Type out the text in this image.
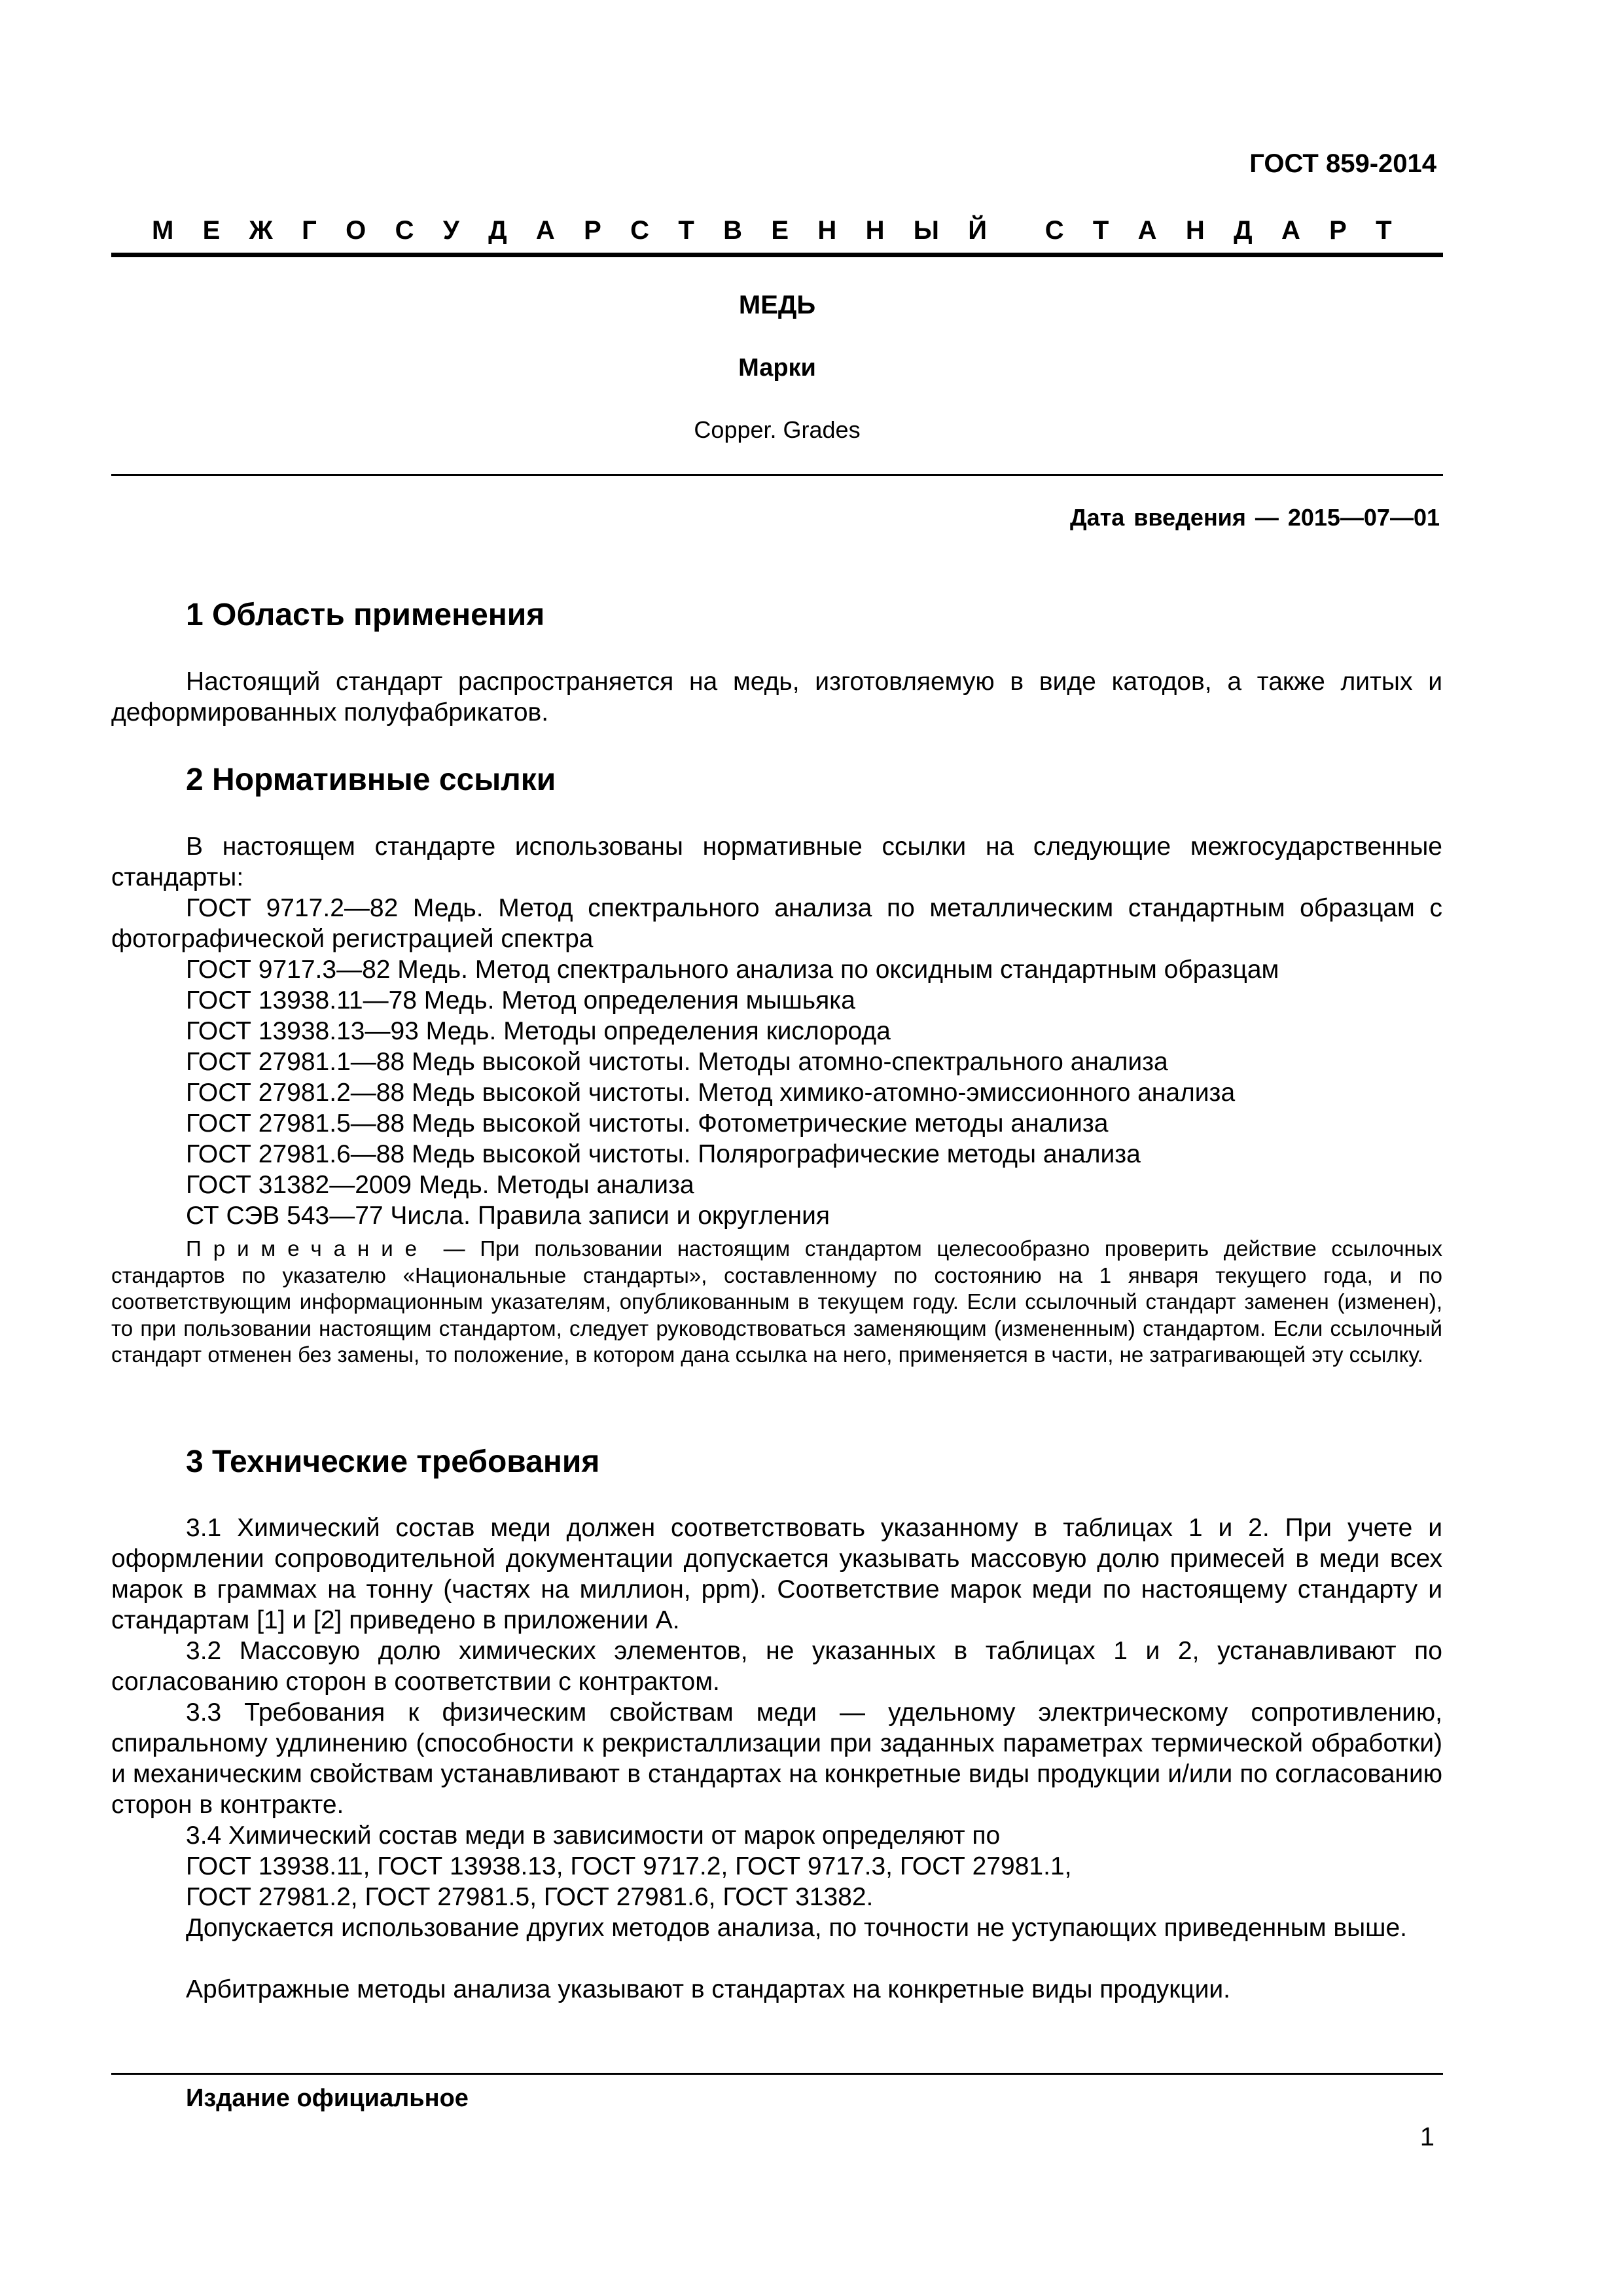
ГОСТ 859-2014
М Е Ж Г О С У Д А Р С Т В Е Н Н Ы Й С Т А Н Д А Р Т
МЕДЬ
Марки
Copper. Grades
Дата введения — 2015—07—01
1 Область применения
Настоящий стандарт распространяется на медь, изготовляемую в виде катодов, а также литых и деформированных полуфабрикатов.
2 Нормативные ссылки
В настоящем стандарте использованы нормативные ссылки на следующие межгосударственные стандарты:
ГОСТ 9717.2—82 Медь. Метод спектрального анализа по металлическим стандартным образцам с фотографической регистрацией спектра
ГОСТ 9717.3—82 Медь. Метод спектрального анализа по оксидным стандартным образцам
ГОСТ 13938.11—78 Медь. Метод определения мышьяка
ГОСТ 13938.13—93 Медь. Методы определения кислорода
ГОСТ 27981.1—88 Медь высокой чистоты. Методы атомно-спектрального анализа
ГОСТ 27981.2—88 Медь высокой чистоты. Метод химико-атомно-эмиссионного анализа
ГОСТ 27981.5—88 Медь высокой чистоты. Фотометрические методы анализа
ГОСТ 27981.6—88 Медь высокой чистоты. Полярографические методы анализа
ГОСТ 31382—2009 Медь. Методы анализа
СТ СЭВ 543—77 Числа. Правила записи и округления
Примечание — При пользовании настоящим стандартом целесообразно проверить действие ссылочных стандартов по указателю «Национальные стандарты», составленному по состоянию на 1 января текущего года, и по соответствующим информационным указателям, опубликованным в текущем году. Если ссылочный стандарт заменен (изменен), то при пользовании настоящим стандартом, следует руководствоваться заменяющим (измененным) стандартом. Если ссылочный стандарт отменен без замены, то положение, в котором дана ссылка на него, применяется в части, не затрагивающей эту ссылку.
3 Технические требования
3.1 Химический состав меди должен соответствовать указанному в таблицах 1 и 2. При учете и оформлении сопроводительной документации допускается указывать массовую долю примесей в меди всех марок в граммах на тонну (частях на миллион, ppm). Соответствие марок меди по настоящему стандарту и стандартам [1] и [2] приведено в приложении А.
3.2 Массовую долю химических элементов, не указанных в таблицах 1 и 2, устанавливают по согласованию сторон в соответствии с контрактом.
3.3 Требования к физическим свойствам меди — удельному электрическому сопротивлению, спиральному удлинению (способности к рекристаллизации при заданных параметрах термической обработки) и механическим свойствам устанавливают в стандартах на конкретные виды продукции и/или по согласованию сторон в контракте.
3.4 Химический состав меди в зависимости от марок определяют по
ГОСТ 13938.11, ГОСТ 13938.13, ГОСТ 9717.2, ГОСТ 9717.3, ГОСТ 27981.1,
ГОСТ 27981.2, ГОСТ 27981.5, ГОСТ 27981.6, ГОСТ 31382.
Допускается использование других методов анализа, по точности не уступающих приведенным выше.
Арбитражные методы анализа указывают в стандартах на конкретные виды продукции.
Издание официальное
1
